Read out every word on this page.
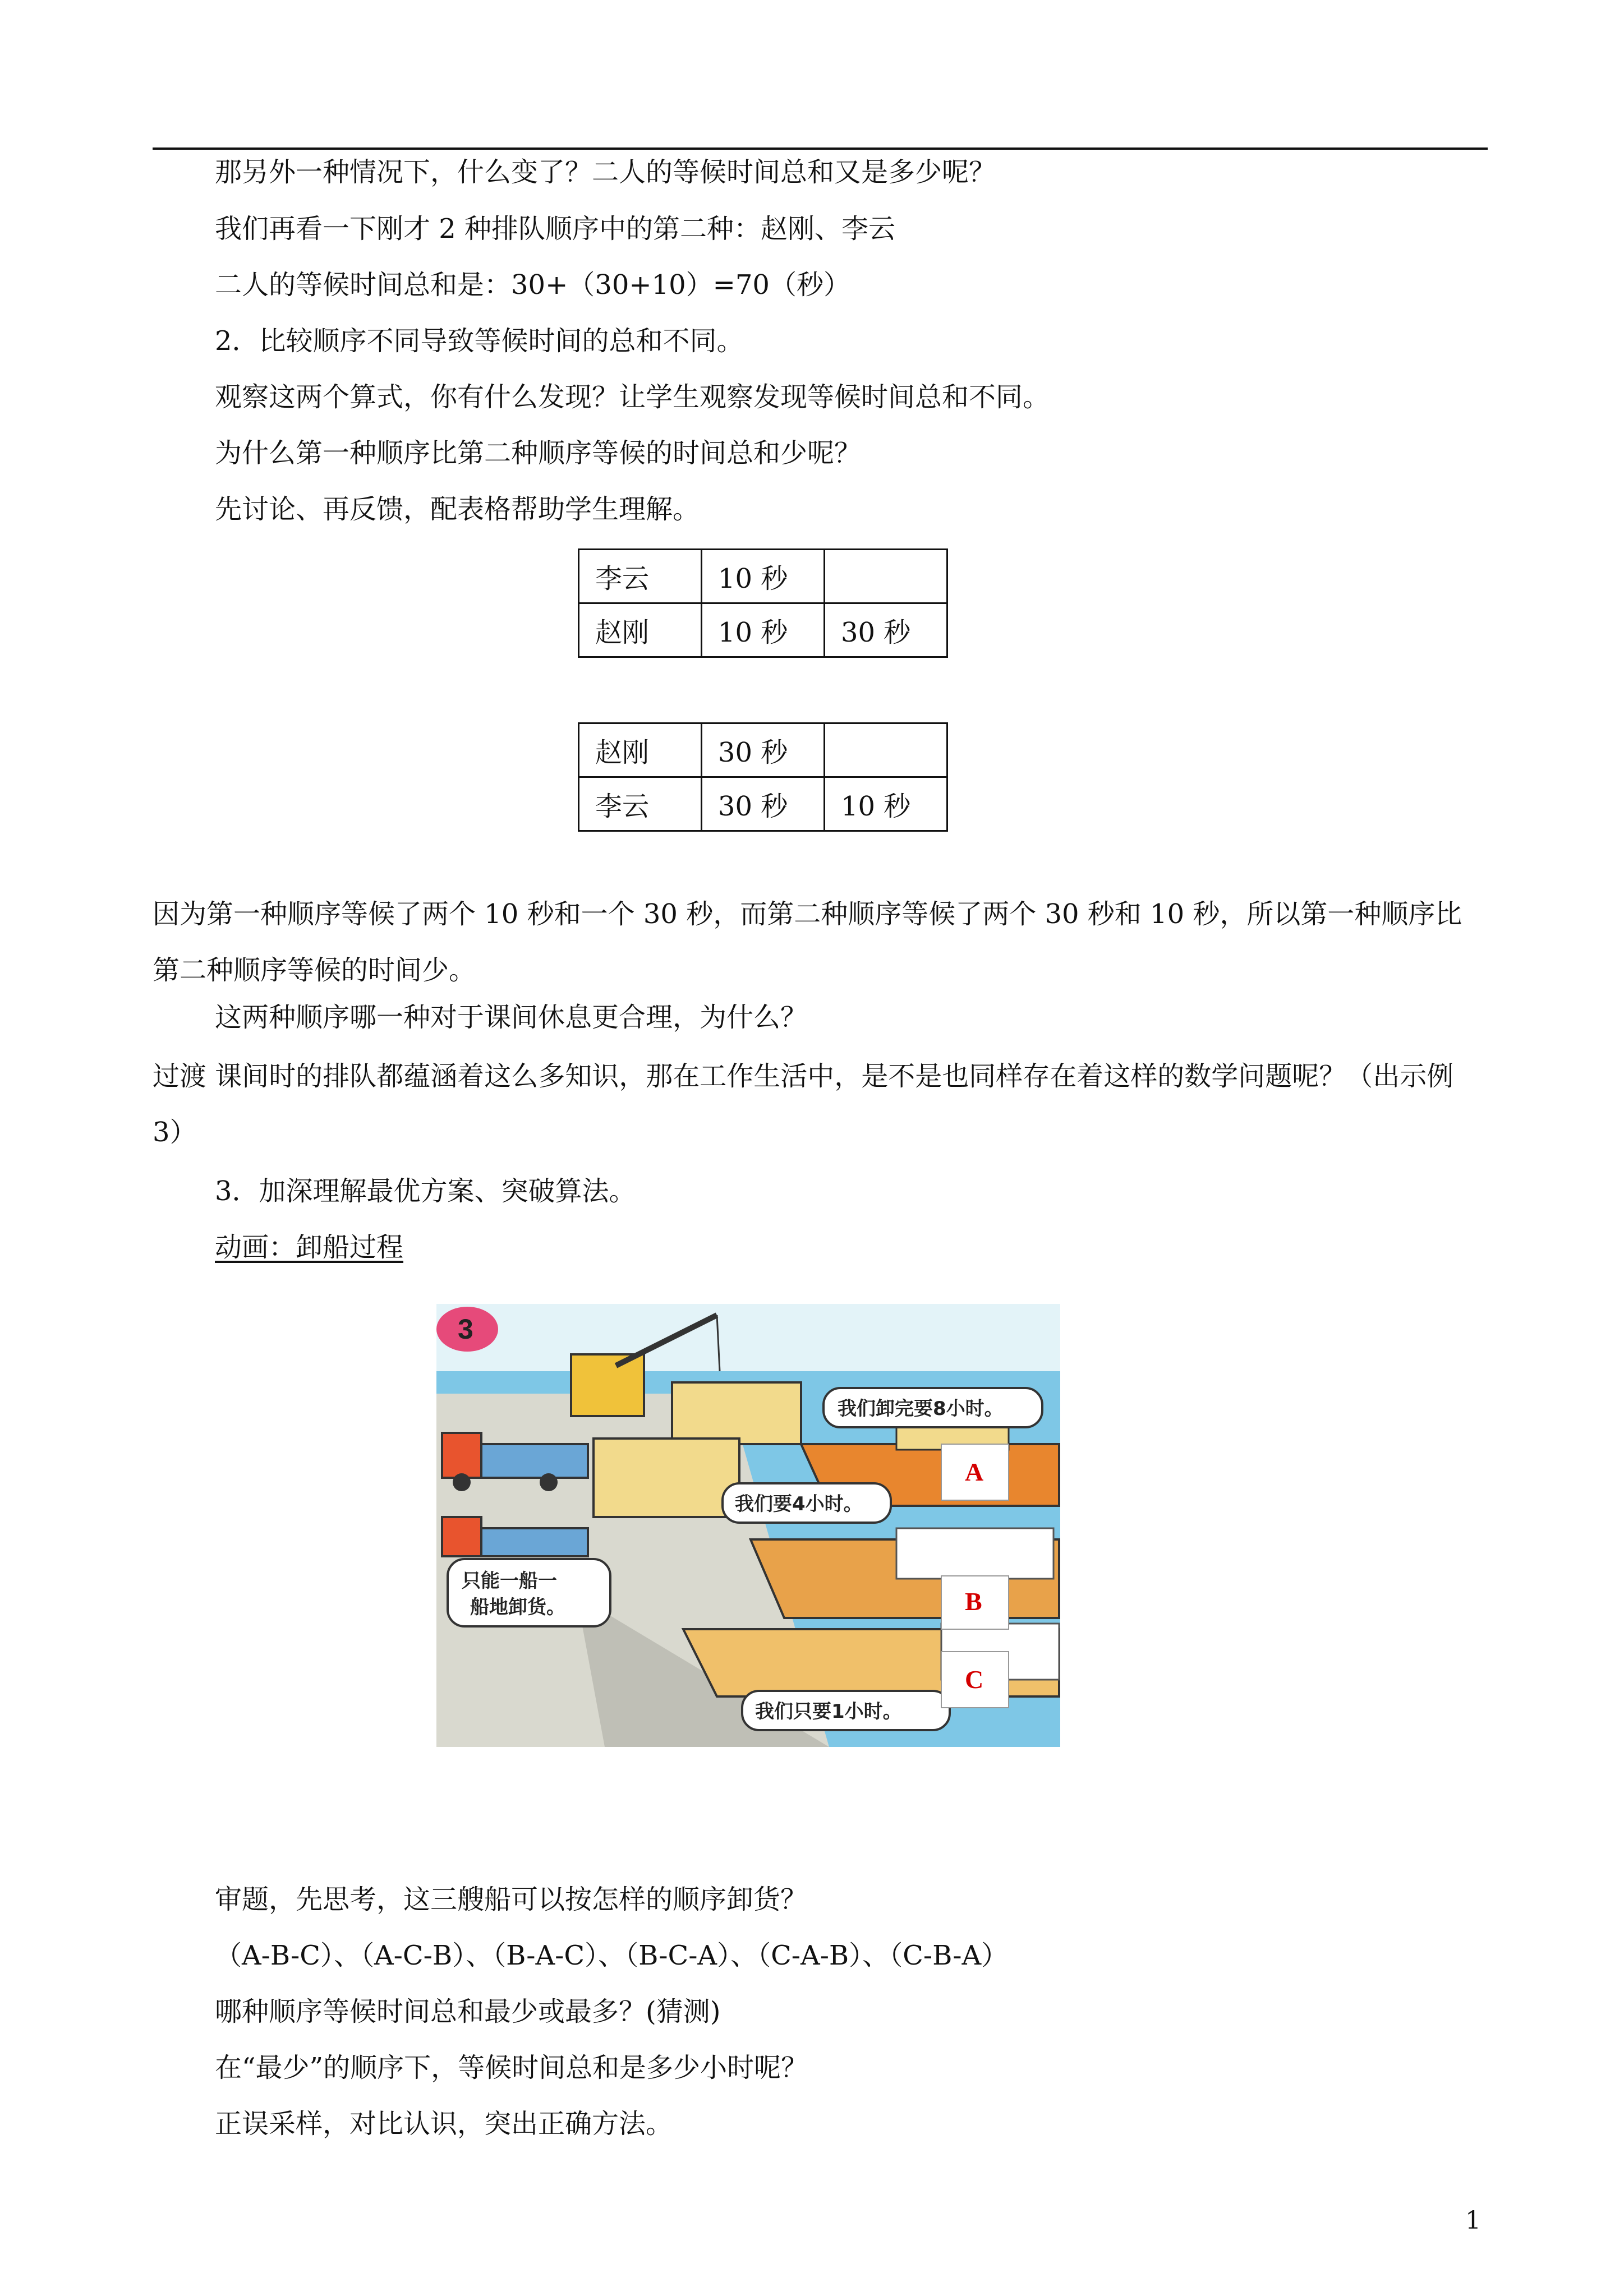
那另外一种情况下，什么变了？二人的等候时间总和又是多少呢？
我们再看一下刚才 2 种排队顺序中的第二种：赵刚、李云
二人的等候时间总和是：30+（30+10）=70（秒）
2．比较顺序不同导致等候时间的总和不同。
观察这两个算式，你有什么发现？让学生观察发现等候时间总和不同。
为什么第一种顺序比第二种顺序等候的时间总和少呢？
先讨论、再反馈，配表格帮助学生理解。
李云	10 秒	
赵刚	10 秒	30 秒
赵刚	30 秒	
李云	30 秒	10 秒
因为第一种顺序等候了两个 10 秒和一个 30 秒，而第二种顺序等候了两个 30 秒和 10 秒，所以第一种顺序比第二种顺序等候的时间少。
这两种顺序哪一种对于课间休息更合理，为什么？
过渡 课间时的排队都蕴涵着这么多知识，那在工作生活中，是不是也同样存在着这样的数学问题呢？（出示例 3）
3．加深理解最优方案、突破算法。
动画：卸船过程
3
我们卸完要8小时。
我们要4小时。
我们只要1小时。
只能一船一
船地卸货。
A
B
C
审题，先思考，这三艘船可以按怎样的顺序卸货？
（A-B-C）、（A-C-B）、（B-A-C）、（B-C-A）、（C-A-B）、（C-B-A）
哪种顺序等候时间总和最少或最多？(猜测)
在“最少”的顺序下，等候时间总和是多少小时呢？
正误采样，对比认识，突出正确方法。
1
